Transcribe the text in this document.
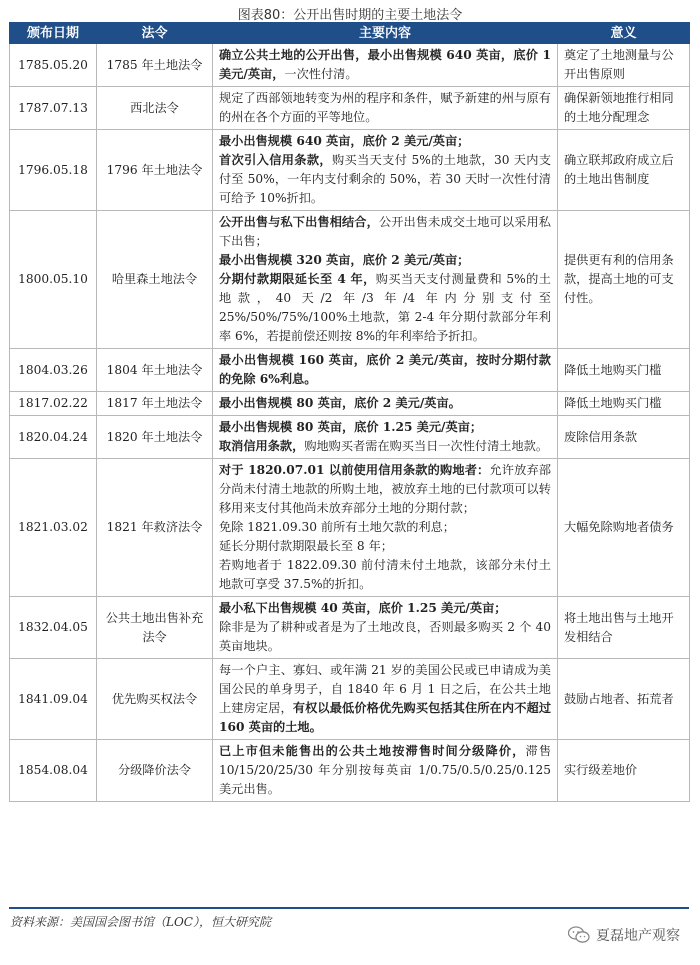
图表80：公开出售时期的主要土地法令
颁布日期	法令	主要内容	意义
1785.05.20	1785 年土地法令	确立公共土地的公开出售，最小出售规模 640 英亩，底价 1 美元/英亩，一次性付清。	奠定了土地测量与公开出售原则
1787.07.13	西北法令	规定了西部领地转变为州的程序和条件，赋予新建的州与原有的州在各个方面的平等地位。	确保新领地推行相同的土地分配理念
1796.05.18	1796 年土地法令	最小出售规模 640 英亩，底价 2 美元/英亩；
首次引入信用条款，购买当天支付 5%的土地款，30 天内支付至 50%，一年内支付剩余的 50%，若 30 天时一次性付清可给予 10%折扣。	确立联邦政府成立后的土地出售制度
1800.05.10	哈里森土地法令	公开出售与私下出售相结合，公开出售未成交土地可以采用私下出售；
最小出售规模 320 英亩，底价 2 美元/英亩；
分期付款期限延长至 4 年，购买当天支付测量费和 5%的土地款，40 天/2 年/3 年/4 年内分别支付至 25%/50%/75%/100%土地款，第 2-4 年分期付款部分年利率 6%，若提前偿还则按 8%的年利率给予折扣。	提供更有利的信用条款，提高土地的可支付性。
1804.03.26	1804 年土地法令	最小出售规模 160 英亩，底价 2 美元/英亩，按时分期付款的免除 6%利息。	降低土地购买门槛
1817.02.22	1817 年土地法令	最小出售规模 80 英亩，底价 2 美元/英亩。	降低土地购买门槛
1820.04.24	1820 年土地法令	最小出售规模 80 英亩，底价 1.25 美元/英亩；
取消信用条款，购地购买者需在购买当日一次性付清土地款。	废除信用条款
1821.03.02	1821 年救济法令	对于 1820.07.01 以前使用信用条款的购地者：允许放弃部分尚未付清土地款的所购土地，被放弃土地的已付款项可以转移用来支付其他尚未放弃部分土地的分期付款；
免除 1821.09.30 前所有土地欠款的利息；
延长分期付款期限最长至 8 年；
若购地者于 1822.09.30 前付清未付土地款，该部分未付土地款可享受 37.5%的折扣。	大幅免除购地者债务
1832.04.05	公共土地出售补充法令	最小私下出售规模 40 英亩，底价 1.25 美元/英亩；
除非是为了耕种或者是为了土地改良，否则最多购买 2 个 40 英亩地块。	将土地出售与土地开发相结合
1841.09.04	优先购买权法令	每一个户主、寡妇、或年满 21 岁的美国公民或已申请成为美国公民的单身男子，自 1840 年 6 月 1 日之后，在公共土地上建房定居，有权以最低价格优先购买包括其住所在内不超过 160 英亩的土地。	鼓励占地者、拓荒者
1854.08.04	分级降价法令	已上市但未能售出的公共土地按滞售时间分级降价，滞售 10/15/20/25/30 年分别按每英亩 1/0.75/0.5/0.25/0.125 美元出售。	实行级差地价
资料来源：美国国会图书馆（LOC），恒大研究院
夏磊地产观察
